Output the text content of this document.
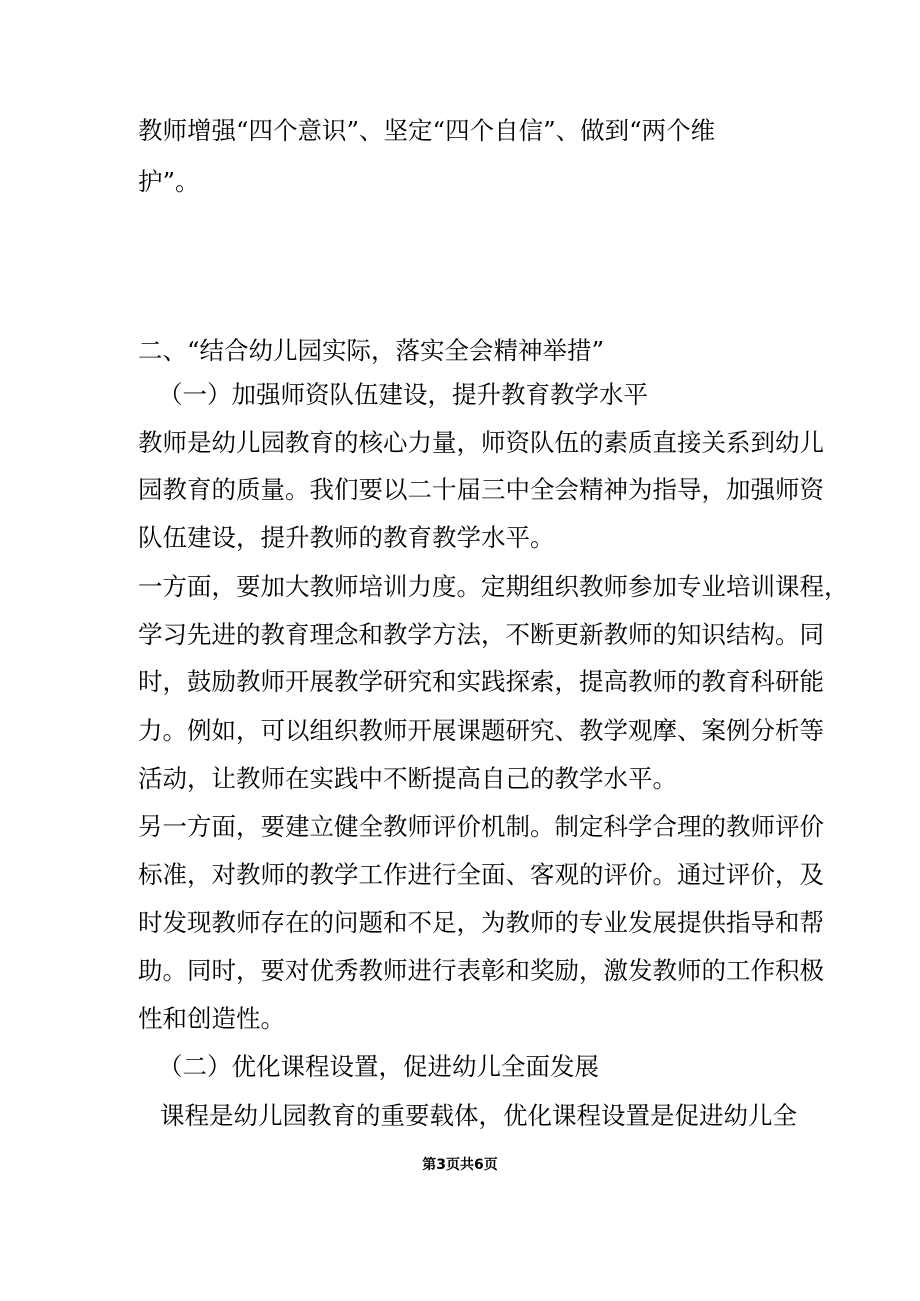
教师增强“四个意识”、坚定“四个自信”、做到“两个维
护”。
二、“结合幼儿园实际，落实全会精神举措”
（一）加强师资队伍建设，提升教育教学水平
教师是幼儿园教育的核心力量，师资队伍的素质直接关系到幼儿
园教育的质量。我们要以二十届三中全会精神为指导，加强师资
队伍建设，提升教师的教育教学水平。
一方面，要加大教师培训力度。定期组织教师参加专业培训课程，
学习先进的教育理念和教学方法，不断更新教师的知识结构。同
时，鼓励教师开展教学研究和实践探索，提高教师的教育科研能
力。例如，可以组织教师开展课题研究、教学观摩、案例分析等
活动，让教师在实践中不断提高自己的教学水平。
另一方面，要建立健全教师评价机制。制定科学合理的教师评价
标准，对教师的教学工作进行全面、客观的评价。通过评价，及
时发现教师存在的问题和不足，为教师的专业发展提供指导和帮
助。同时，要对优秀教师进行表彰和奖励，激发教师的工作积极
性和创造性。
（二）优化课程设置，促进幼儿全面发展
课程是幼儿园教育的重要载体，优化课程设置是促进幼儿全
第3页共6页
